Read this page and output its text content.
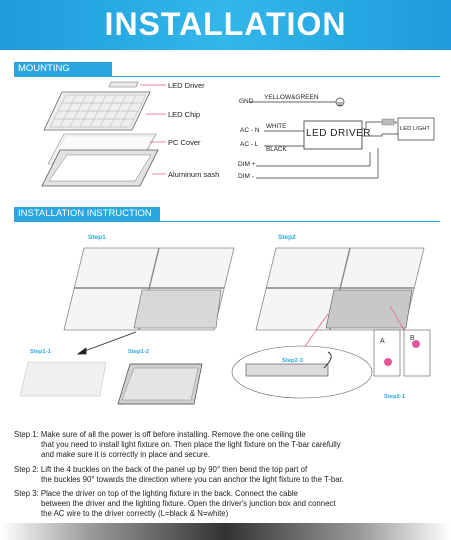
INSTALLATION
MOUNTING GUIDES	LED Driver
LED Chip
PC Cover
Aluminum sash
GND
YELLOW&GREEN
AC - N
WHITE
AC - L
BLACK
LED DRIVER	LED LIGHT
DIM +
DIM -
INSTALLATION INSTRUCTION
Step1
Step1-1	Step1-2
Step2
A	B
Step2-3
Step2-1
Step 1: Make sure of all the power is off before installing. Remove the one ceiling tile
that you need to install light fixture on. Then place the light fixture on the T-bar carefully
and make sure it is correctly in place and secure.
Step 2: Lift the 4 buckles on the back of the panel up by 90° then bend the top part of
the buckles 90° towards the direction where you can anchor the light fixture to the T-bar.
Step 3: Place the driver on top of the lighting fixture in the back. Connect the cable
between the driver and the lighting fixture. Open the driver's junction box and connect
the AC wire to the driver correctly (L=black & N=white)
